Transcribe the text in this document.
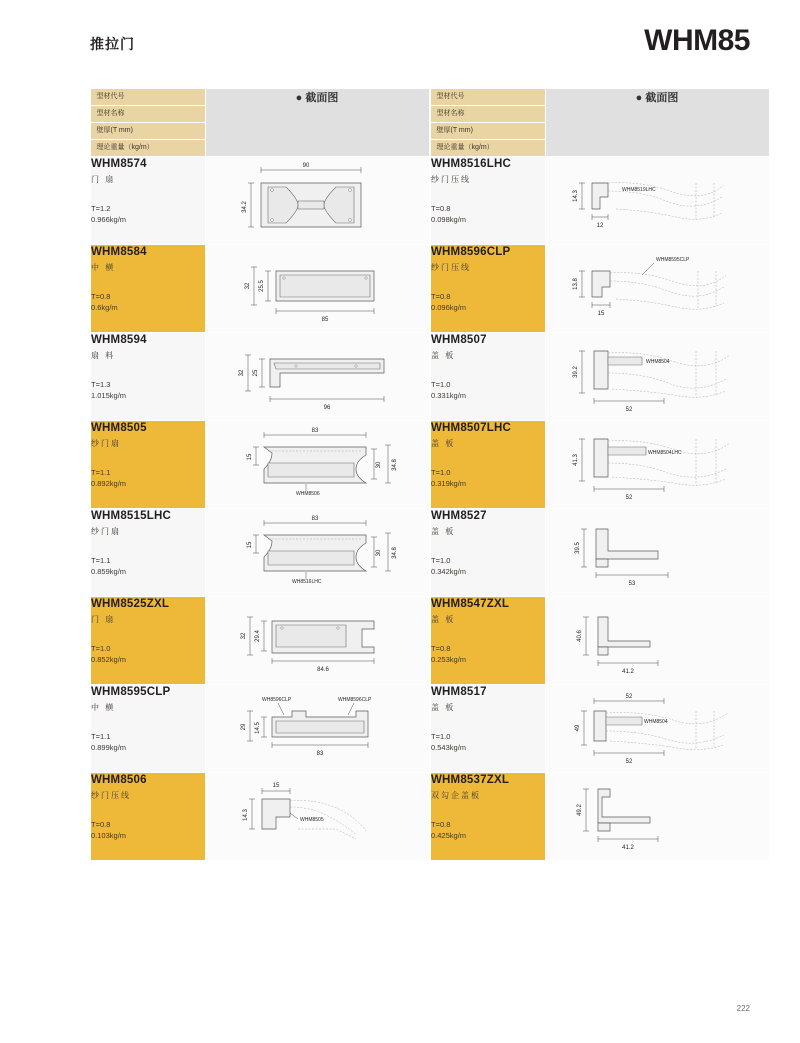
推拉门	WHM85
型材代号
型材名称
壁厚(T mm)
理论重量（kg/m）	● 截面图

WHM8574
门 扇
T=1.2
0.966kg/m

90
34.2

WHM8584
中 横
T=0.8
0.6kg/m

32 25.5
85

WHM8594
扇 料
T=1.3
1.015kg/m

32 25
96

WHM8505
纱门扇
T=1.1
0.892kg/m

83
15
30 34.8
WHM8506

WHM8515LHC
纱门扇
T=1.1
0.859kg/m

83
15
30 34.8
WH8516LHC

WHM8525ZXL
门 扇
T=1.0
0.852kg/m

32 29.4
84.6

WHM8595CLP
中 横
T=1.1
0.899kg/m

WH8596CLP	WHM8596CLP
29 14.5
83

WHM8506
纱门压线
T=0.8
0.103kg/m

15
14.3	WHM8505
型材代号
型材名称
壁厚(T mm)
理论重量（kg/m）	● 截面图

WHM8516LHC
纱门压线
T=0.8
0.098kg/m

14.3
WHM8519LHC
12

WHM8596CLP
纱门压线
T=0.8
0.096kg/m

WHM8595CLP
13.8
15

WHM8507
盖 板
T=1.0
0.331kg/m

39.2
WHM8504
52

WHM8507LHC
盖 板
T=1.0
0.319kg/m

41.3
WHM8504LHC
52

WHM8527
盖 板
T=1.0
0.342kg/m

39.5
53

WHM8547ZXL
盖 板
T=0.8
0.253kg/m

40.6
41.2

WHM8517
盖 板
T=1.0
0.543kg/m

52
49
WHM8504
52

WHM8537ZXL
双勾企盖板
T=0.8
0.425kg/m

49.2
41.2
222
